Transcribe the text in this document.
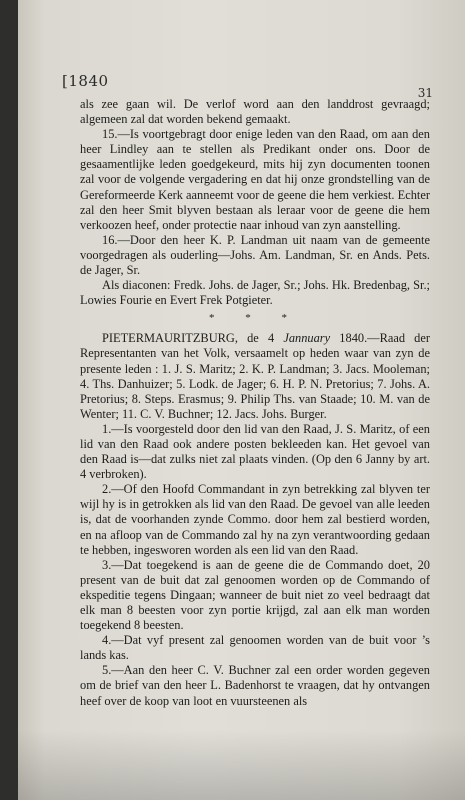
[1840
31

als zee gaan wil. De verlof word aan den landdrost gevraagd; algemeen zal dat worden bekend gemaakt.

15.—Is voortgebragt door enige leden van den Raad, om aan den heer Lindley aan te stellen als Predikant onder ons. Door de gesaamentlijke leden goedgekeurd, mits hij zyn documenten toonen zal voor de volgende vergadering en dat hij onze grondstelling van de Gereformeerde Kerk aanneemt voor de geene die hem verkiest. Echter zal den heer Smit blyven bestaan als leraar voor de geene die hem verkoozen heef, onder protectie naar inhoud van zyn aanstelling.

16.—Door den heer K. P. Landman uit naam van de gemeente voorgedragen als ouderling—Johs. Am. Landman, Sr. en Ands. Pets. de Jager, Sr.

Als diaconen: Fredk. Johs. de Jager, Sr.; Johs. Hk. Bredenbag, Sr.; Lowies Fourie en Evert Frek Potgieter.

* * *

PIETERMAURITZBURG, de 4 Jannuary 1840.—Raad der Representanten van het Volk, versaamelt op heden waar van zyn de presente leden : 1. J. S. Maritz; 2. K. P. Landman; 3. Jacs. Mooleman; 4. Ths. Danhuizer; 5. Lodk. de Jager; 6. H. P. N. Pretorius; 7. Johs. A. Pretorius; 8. Steps. Erasmus; 9. Philip Ths. van Staade; 10. M. van de Wenter; 11. C. V. Buchner; 12. Jacs. Johs. Burger.

1.—Is voorgesteld door den lid van den Raad, J. S. Maritz, of een lid van den Raad ook andere posten bekleeden kan. Het gevoel van den Raad is—dat zulks niet zal plaats vinden. (Op den 6 Janny by art. 4 verbroken).

2.—Of den Hoofd Commandant in zyn betrekking zal blyven ter wijl hy is in getrokken als lid van den Raad. De gevoel van alle leeden is, dat de voorhanden zynde Commo. door hem zal bestierd worden, en na afloop van de Commando zal hy na zyn verantwoording gedaan te hebben, ingesworen worden als een lid van den Raad.

3.—Dat toegekend is aan de geene die de Commando doet, 20 present van de buit dat zal genoomen worden op de Commando of ekspeditie tegens Dingaan; wanneer de buit niet zo veel bedraagt dat elk man 8 beesten voor zyn portie krijgd, zal aan elk man worden toegekend 8 beesten.

4.—Dat vyf present zal genoomen worden van de buit voor ’s lands kas.

5.—Aan den heer C. V. Buchner zal een order worden gegeven om de brief van den heer L. Badenhorst te vraagen, dat hy ontvangen heef over de koop van loot en vuursteenen als
